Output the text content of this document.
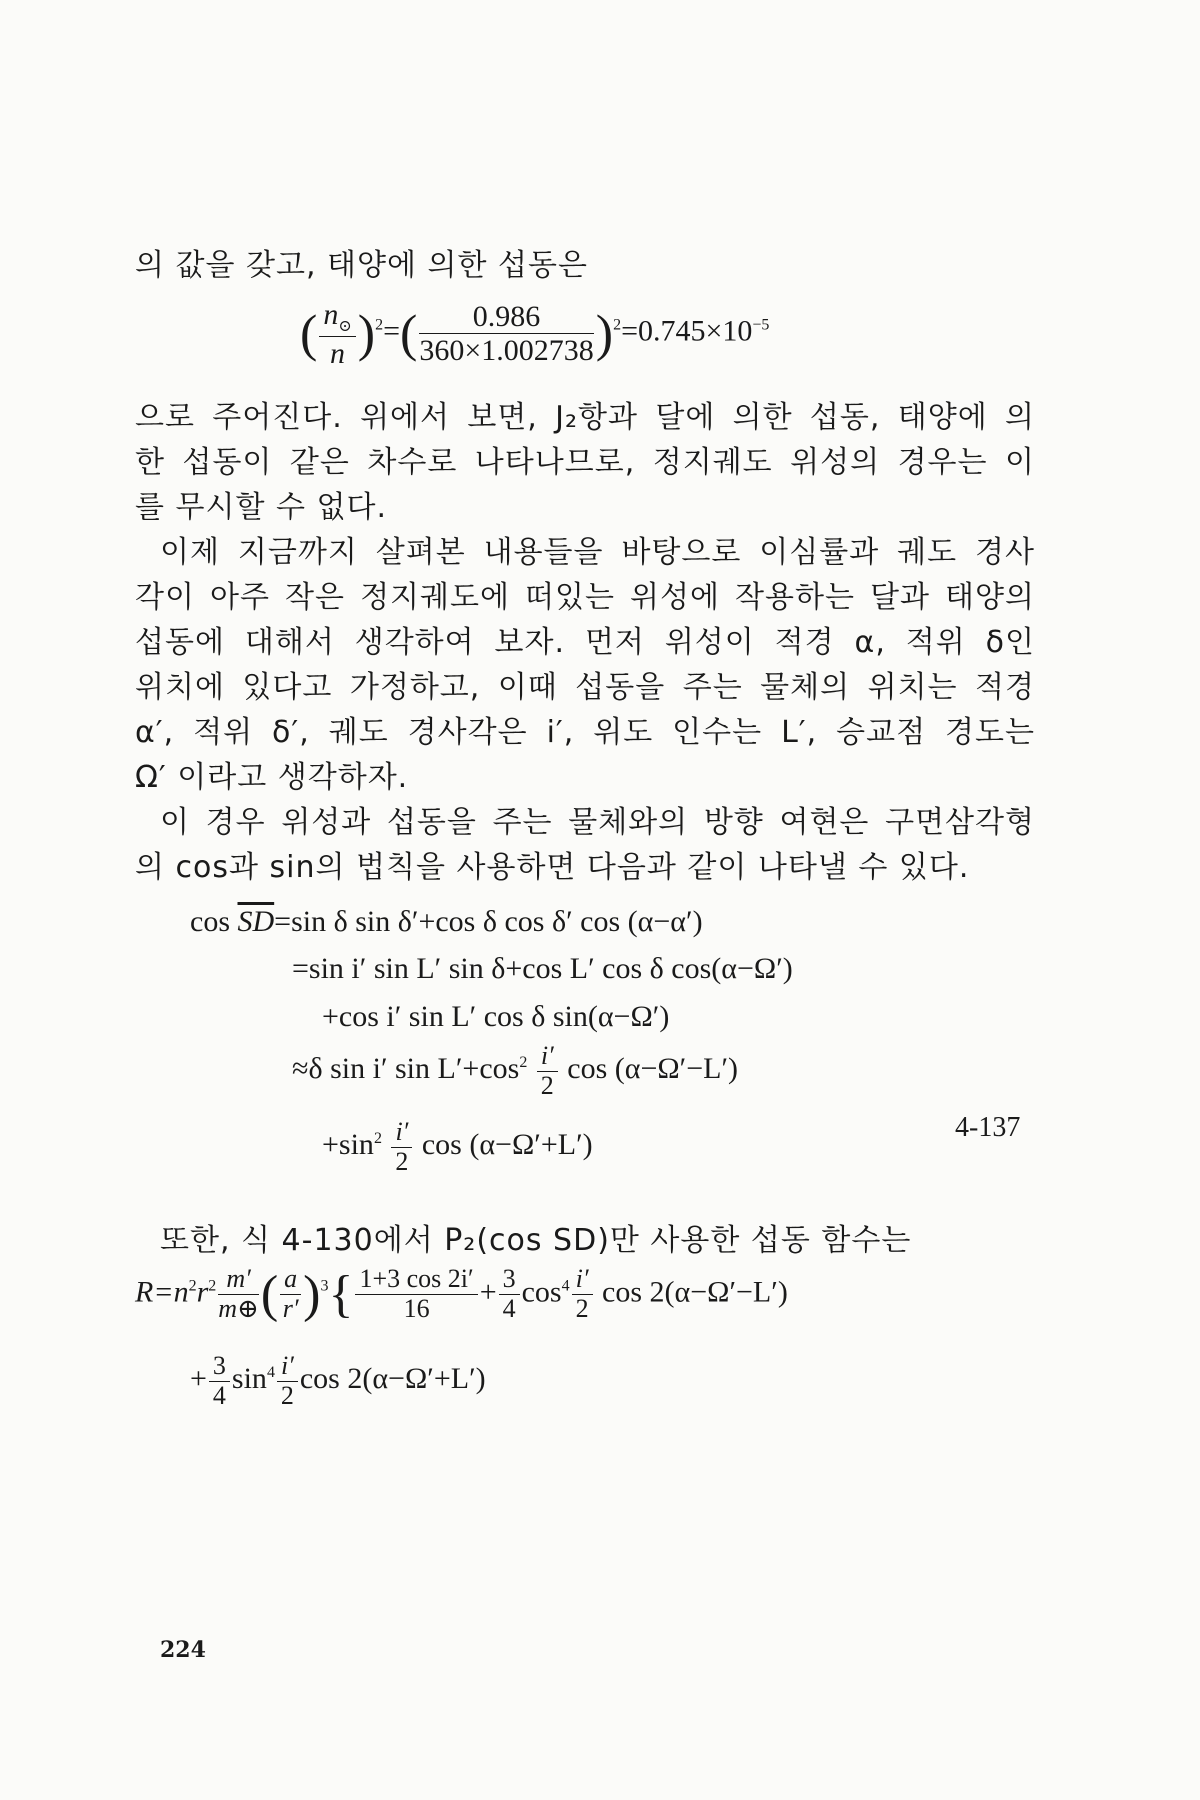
의 값을 갖고, 태양에 의한 섭동은
( $\frac{n_⊙}{n} )^2=( \frac{0.986}{360\times 1.002738} )^2=0.745\times 10^{-5}$
으로 주어진다. 위에서 보면, J₂항과 달에 의한 섭동, 태양에 의
한 섭동이 같은 차수로 나타나므로, 정지궤도 위성의 경우는 이
를 무시할 수 없다.
이제 지금까지 살펴본 내용들을 바탕으로 이심률과 궤도 경사
각이 아주 작은 정지궤도에 떠있는 위성에 작용하는 달과 태양의
섭동에 대해서 생각하여 보자. 먼저 위성이 적경 α, 적위 δ인
위치에 있다고 가정하고, 이때 섭동을 주는 물체의 위치는 적경
α′, 적위 δ′, 궤도 경사각은 i′, 위도 인수는 L′, 승교점 경도는
Ω′ 이라고 생각하자.
이 경우 위성과 섭동을 주는 물체와의 방향 여현은 구면삼각형
의 cos과 sin의 법칙을 사용하면 다음과 같이 나타낼 수 있다.
$\cos \overline{SD}=\sin$ δ sin δ′+cos δ cos δ′ cos (α−α′)
=sin i′ sin L′ sin δ+cos L′ cos δ cos(α−Ω′)
+cos i′ sin L′ cos δ sin(α−Ω′)
4-137
≈δ sin i′ $\sin L'+\cos^2 \frac{i'}{2}$ cos (α−Ω′−L′)
$+\sin^2 \frac{i'}{2}$ cos (α−Ω′+L′)
또한, 식 4-130에서 P₂(cos SD)만 사용한 섭동 함수는
$R=n^2r^2 \frac{m'}{m\oplus}$ ( $\frac{a}{r'} )^3\{ \frac{1+3 \cos 2i'}{16} + \frac{3}{4} \cos^4 \frac{i'}{2}$ cos 2(α−Ω′−L′)
+ $\frac{3}{4} \sin^4 \frac{i'}{2}$ cos 2(α−Ω′+L′)
224
